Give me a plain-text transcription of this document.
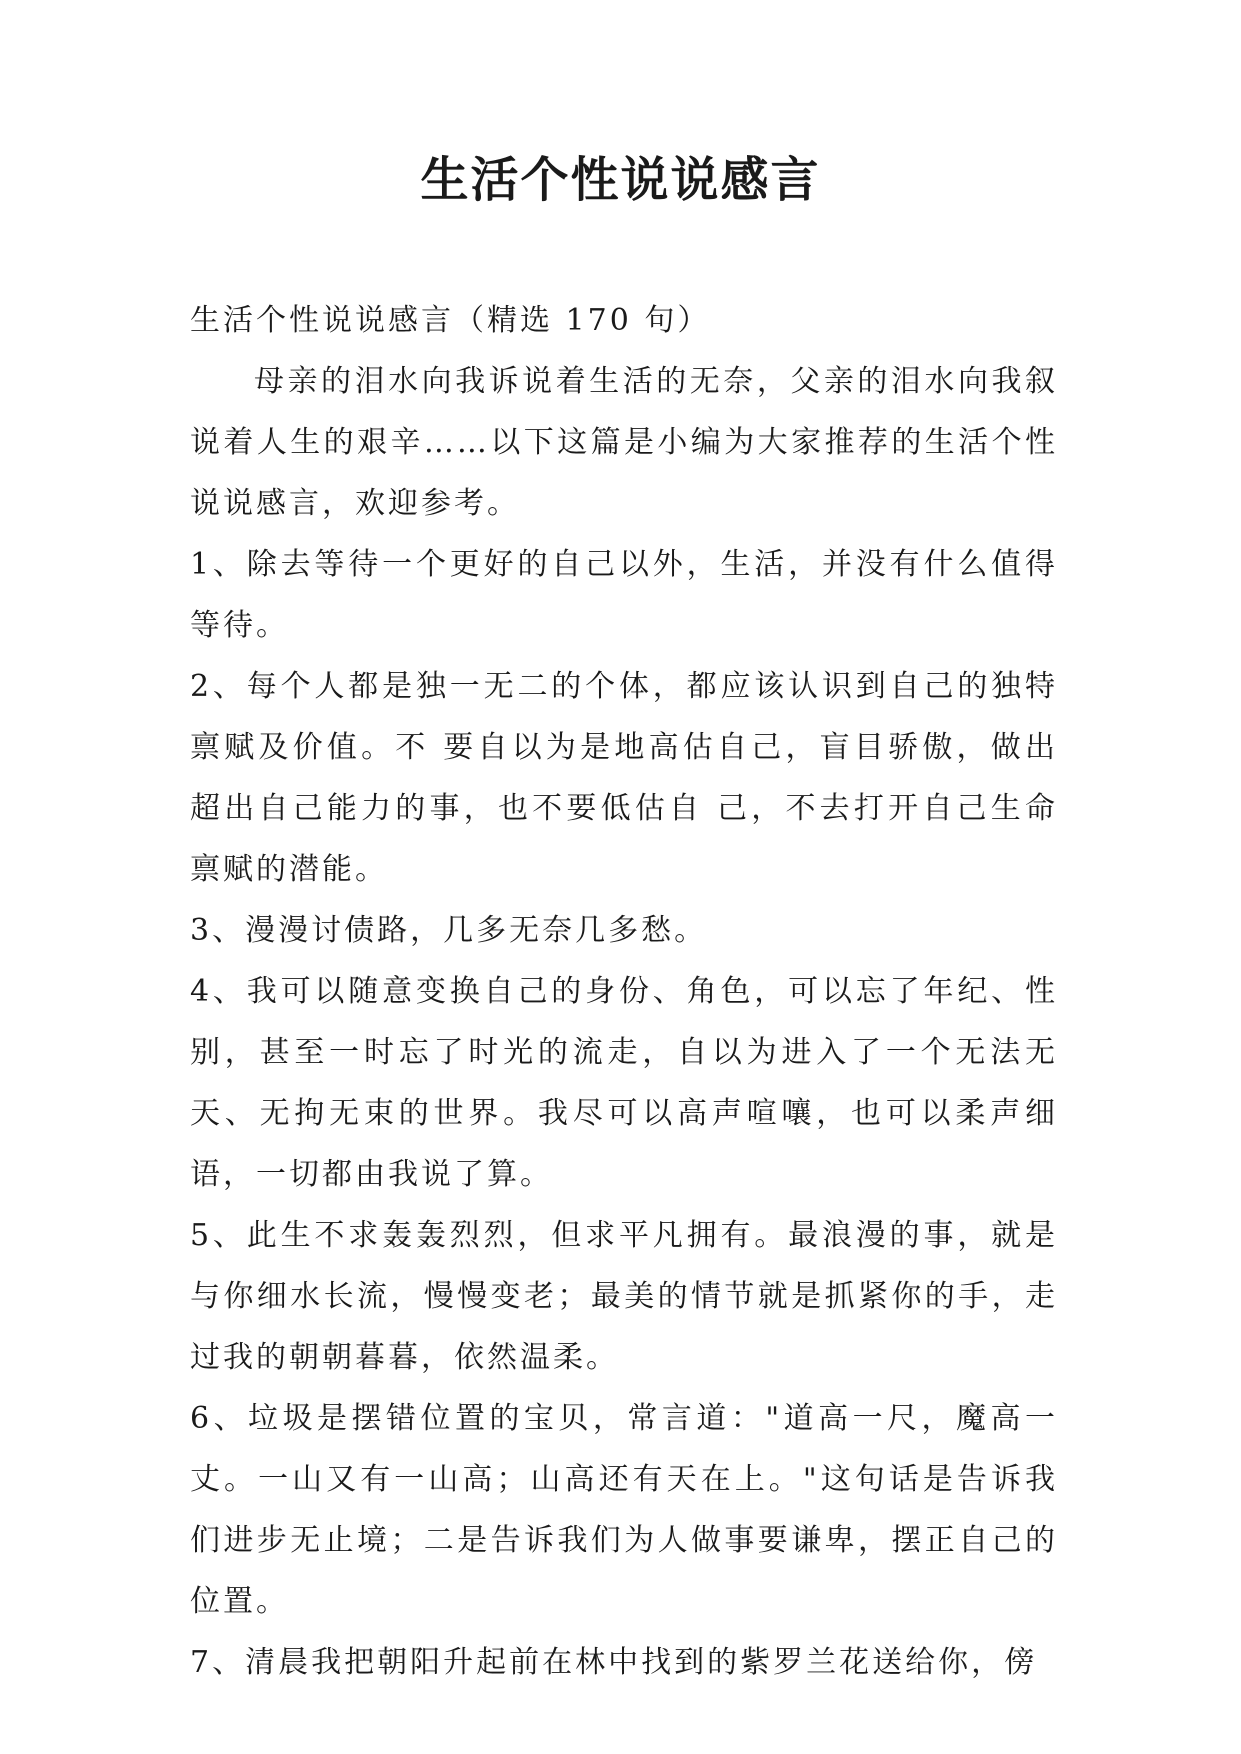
生活个性说说感言

生活个性说说感言（精选 170 句）

母亲的泪水向我诉说着生活的无奈，父亲的泪水向我叙说着人生的艰辛……以下这篇是小编为大家推荐的生活个性说说感言，欢迎参考。

1、除去等待一个更好的自己以外，生活，并没有什么值得等待。

2、每个人都是独一无二的个体，都应该认识到自己的独特禀赋及价值。不 要自以为是地高估自己，盲目骄傲，做出超出自己能力的事，也不要低估自 己，不去打开自己生命禀赋的潜能。

3、漫漫讨债路，几多无奈几多愁。

4、我可以随意变换自己的身份、角色，可以忘了年纪、性别，甚至一时忘了时光的流走，自以为进入了一个无法无天、无拘无束的世界。我尽可以高声喧嚷，也可以柔声细语，一切都由我说了算。

5、此生不求轰轰烈烈，但求平凡拥有。最浪漫的事，就是与你细水长流，慢慢变老；最美的情节就是抓紧你的手，走过我的朝朝暮暮，依然温柔。

6、垃圾是摆错位置的宝贝，常言道："道高一尺，魔高一丈。一山又有一山高；山高还有天在上。"这句话是告诉我们进步无止境；二是告诉我们为人做事要谦卑，摆正自己的位置。

7、清晨我把朝阳升起前在林中找到的紫罗兰花送给你，傍
